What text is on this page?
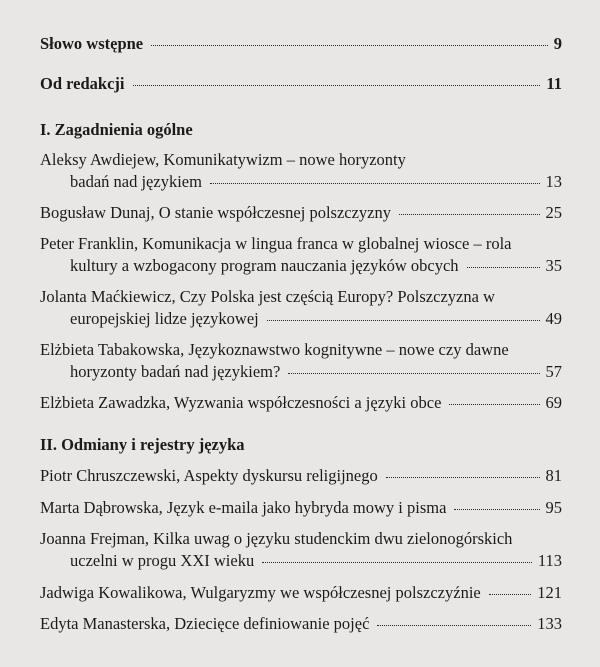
Słowo wstępne	9
Od redakcji	11
I. Zagadnienia ogólne
Aleksy Awdiejew, Komunikatywizm – nowe horyzonty
badań nad językiem	13
Bogusław Dunaj, O stanie współczesnej polszczyzny	25
Peter Franklin, Komunikacja w lingua franca w globalnej wiosce – rola
kultury a wzbogacony program nauczania języków obcych	35
Jolanta Maćkiewicz, Czy Polska jest częścią Europy? Polszczyzna w
europejskiej lidze językowej	49
Elżbieta Tabakowska, Językoznawstwo kognitywne – nowe czy dawne
horyzonty badań nad językiem?	57
Elżbieta Zawadzka, Wyzwania współczesności a języki obce	69
II. Odmiany i rejestry języka
Piotr Chruszczewski, Aspekty dyskursu religijnego	81
Marta Dąbrowska, Język e-maila jako hybryda mowy i pisma	95
Joanna Frejman, Kilka uwag o języku studenckim dwu zielonogórskich
uczelni w progu XXI wieku	113
Jadwiga Kowalikowa, Wulgaryzmy we współczesnej polszczyźnie	121
Edyta Manasterska, Dziecięce definiowanie pojęć	133
